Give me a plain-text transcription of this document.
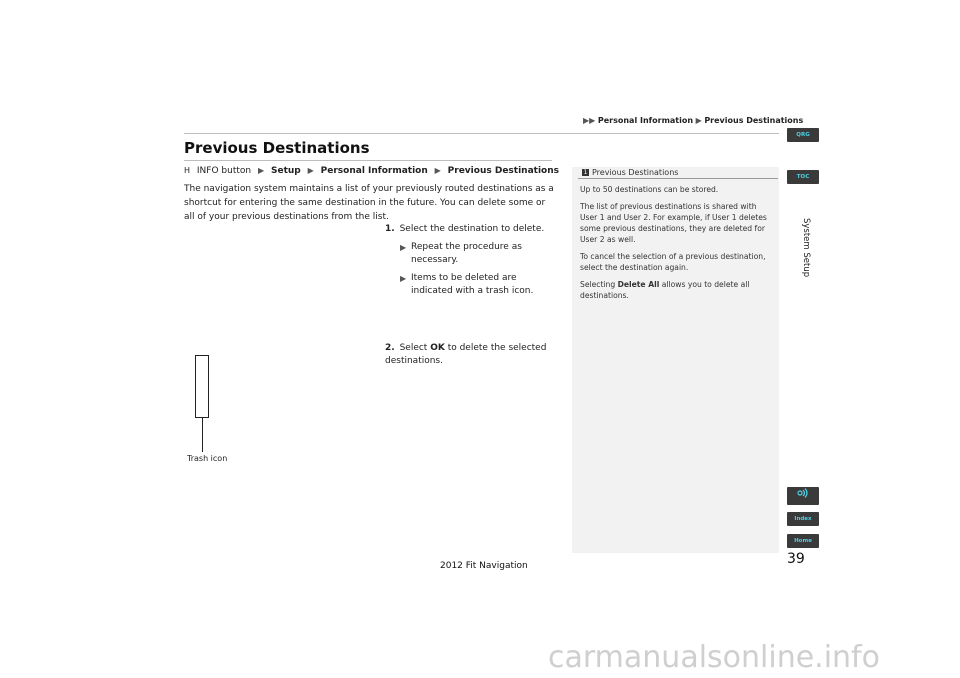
▶▶ Personal Information ▶ Previous Destinations
Previous Destinations
H INFO button ▶ Setup ▶ Personal Information ▶ Previous Destinations
The navigation system maintains a list of your previously routed destinations as a shortcut for entering the same destination in the future. You can delete some or all of your previous destinations from the list.
1. Select the destination to delete.
▶ Repeat the procedure as necessary.
▶ Items to be deleted are indicated with a trash icon.
2. Select OK to delete the selected destinations.
Trash icon
1 Previous Destinations

Up to 50 destinations can be stored.

The list of previous destinations is shared with User 1 and User 2. For example, if User 1 deletes some previous destinations, they are deleted for User 2 as well.

To cancel the selection of a previous destination, select the destination again.

Selecting Delete All allows you to delete all destinations.

QRG
TOC
System Setup
Index
Home
39
2012 Fit Navigation
carmanualsonline.info
